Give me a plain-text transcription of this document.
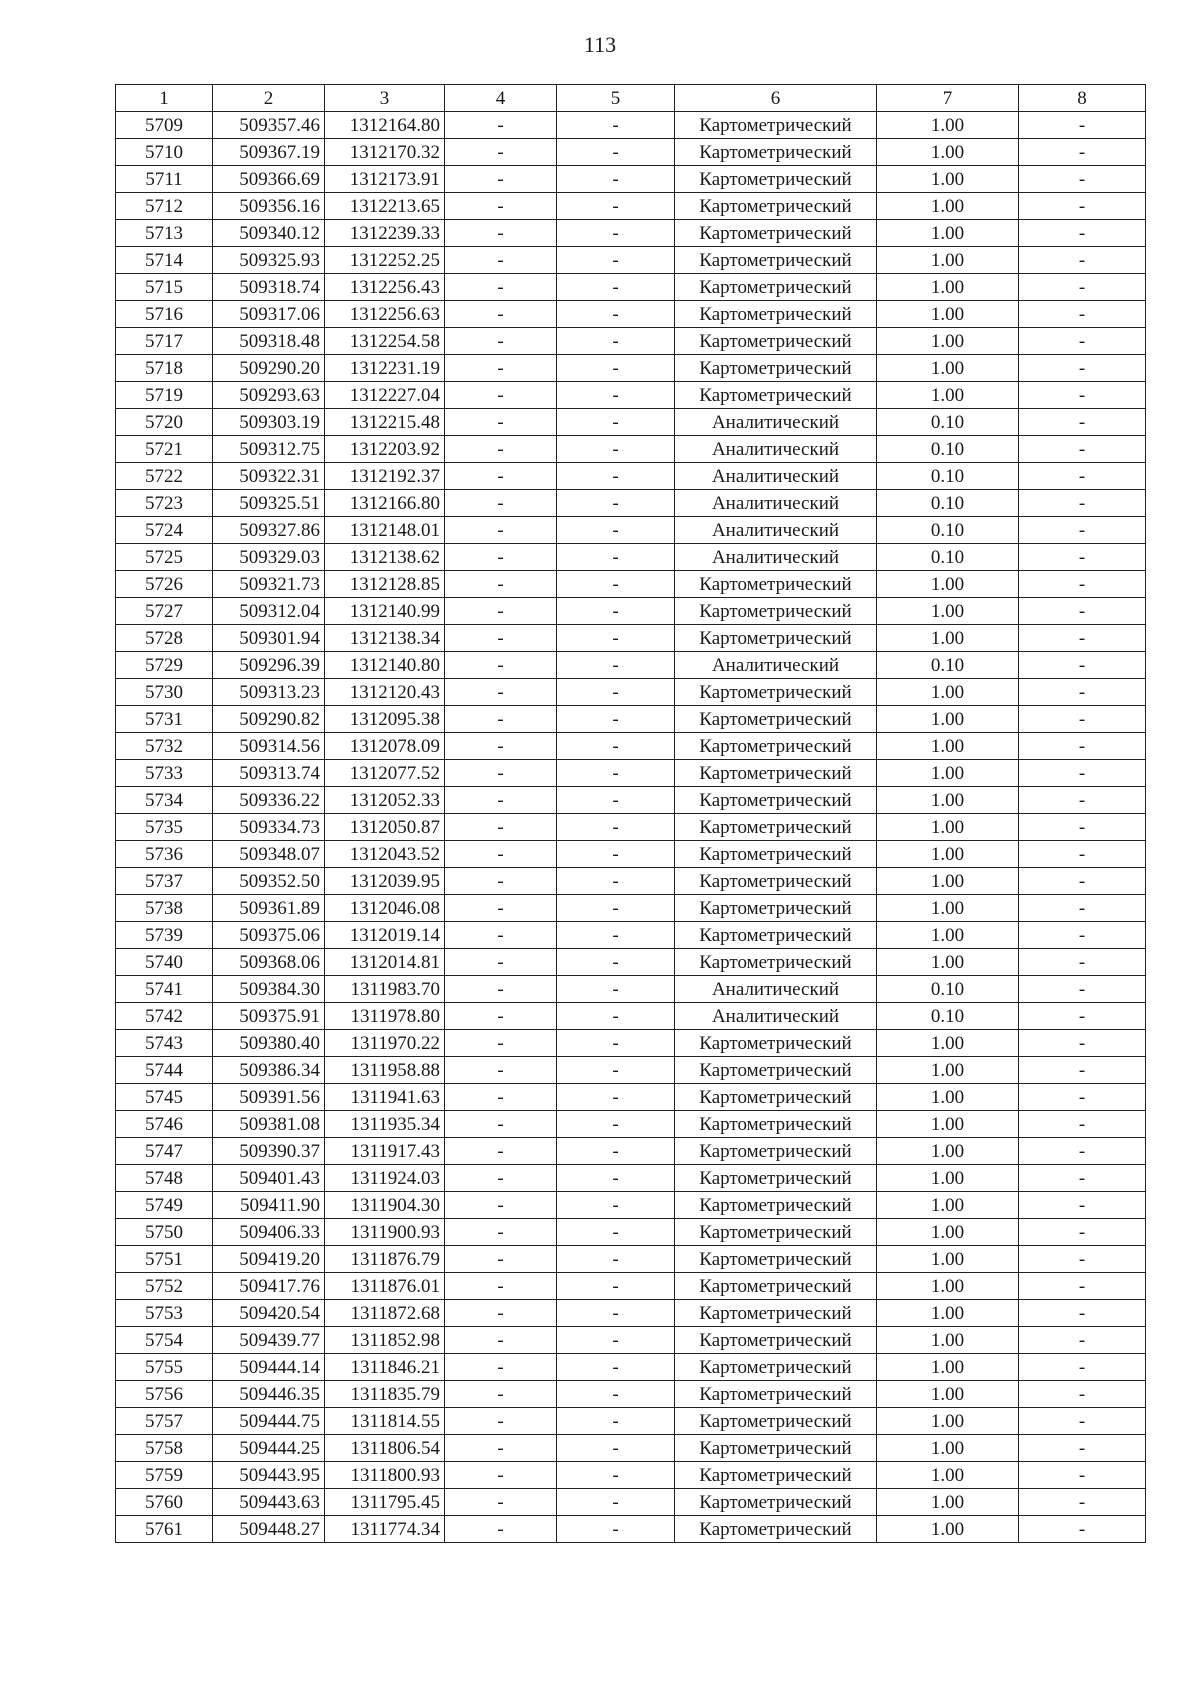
113
1	2	3	4	5	6	7	8
5709	509357.46	1312164.80	-	-	Картометрический	1.00	-
5710	509367.19	1312170.32	-	-	Картометрический	1.00	-
5711	509366.69	1312173.91	-	-	Картометрический	1.00	-
5712	509356.16	1312213.65	-	-	Картометрический	1.00	-
5713	509340.12	1312239.33	-	-	Картометрический	1.00	-
5714	509325.93	1312252.25	-	-	Картометрический	1.00	-
5715	509318.74	1312256.43	-	-	Картометрический	1.00	-
5716	509317.06	1312256.63	-	-	Картометрический	1.00	-
5717	509318.48	1312254.58	-	-	Картометрический	1.00	-
5718	509290.20	1312231.19	-	-	Картометрический	1.00	-
5719	509293.63	1312227.04	-	-	Картометрический	1.00	-
5720	509303.19	1312215.48	-	-	Аналитический	0.10	-
5721	509312.75	1312203.92	-	-	Аналитический	0.10	-
5722	509322.31	1312192.37	-	-	Аналитический	0.10	-
5723	509325.51	1312166.80	-	-	Аналитический	0.10	-
5724	509327.86	1312148.01	-	-	Аналитический	0.10	-
5725	509329.03	1312138.62	-	-	Аналитический	0.10	-
5726	509321.73	1312128.85	-	-	Картометрический	1.00	-
5727	509312.04	1312140.99	-	-	Картометрический	1.00	-
5728	509301.94	1312138.34	-	-	Картометрический	1.00	-
5729	509296.39	1312140.80	-	-	Аналитический	0.10	-
5730	509313.23	1312120.43	-	-	Картометрический	1.00	-
5731	509290.82	1312095.38	-	-	Картометрический	1.00	-
5732	509314.56	1312078.09	-	-	Картометрический	1.00	-
5733	509313.74	1312077.52	-	-	Картометрический	1.00	-
5734	509336.22	1312052.33	-	-	Картометрический	1.00	-
5735	509334.73	1312050.87	-	-	Картометрический	1.00	-
5736	509348.07	1312043.52	-	-	Картометрический	1.00	-
5737	509352.50	1312039.95	-	-	Картометрический	1.00	-
5738	509361.89	1312046.08	-	-	Картометрический	1.00	-
5739	509375.06	1312019.14	-	-	Картометрический	1.00	-
5740	509368.06	1312014.81	-	-	Картометрический	1.00	-
5741	509384.30	1311983.70	-	-	Аналитический	0.10	-
5742	509375.91	1311978.80	-	-	Аналитический	0.10	-
5743	509380.40	1311970.22	-	-	Картометрический	1.00	-
5744	509386.34	1311958.88	-	-	Картометрический	1.00	-
5745	509391.56	1311941.63	-	-	Картометрический	1.00	-
5746	509381.08	1311935.34	-	-	Картометрический	1.00	-
5747	509390.37	1311917.43	-	-	Картометрический	1.00	-
5748	509401.43	1311924.03	-	-	Картометрический	1.00	-
5749	509411.90	1311904.30	-	-	Картометрический	1.00	-
5750	509406.33	1311900.93	-	-	Картометрический	1.00	-
5751	509419.20	1311876.79	-	-	Картометрический	1.00	-
5752	509417.76	1311876.01	-	-	Картометрический	1.00	-
5753	509420.54	1311872.68	-	-	Картометрический	1.00	-
5754	509439.77	1311852.98	-	-	Картометрический	1.00	-
5755	509444.14	1311846.21	-	-	Картометрический	1.00	-
5756	509446.35	1311835.79	-	-	Картометрический	1.00	-
5757	509444.75	1311814.55	-	-	Картометрический	1.00	-
5758	509444.25	1311806.54	-	-	Картометрический	1.00	-
5759	509443.95	1311800.93	-	-	Картометрический	1.00	-
5760	509443.63	1311795.45	-	-	Картометрический	1.00	-
5761	509448.27	1311774.34	-	-	Картометрический	1.00	-
